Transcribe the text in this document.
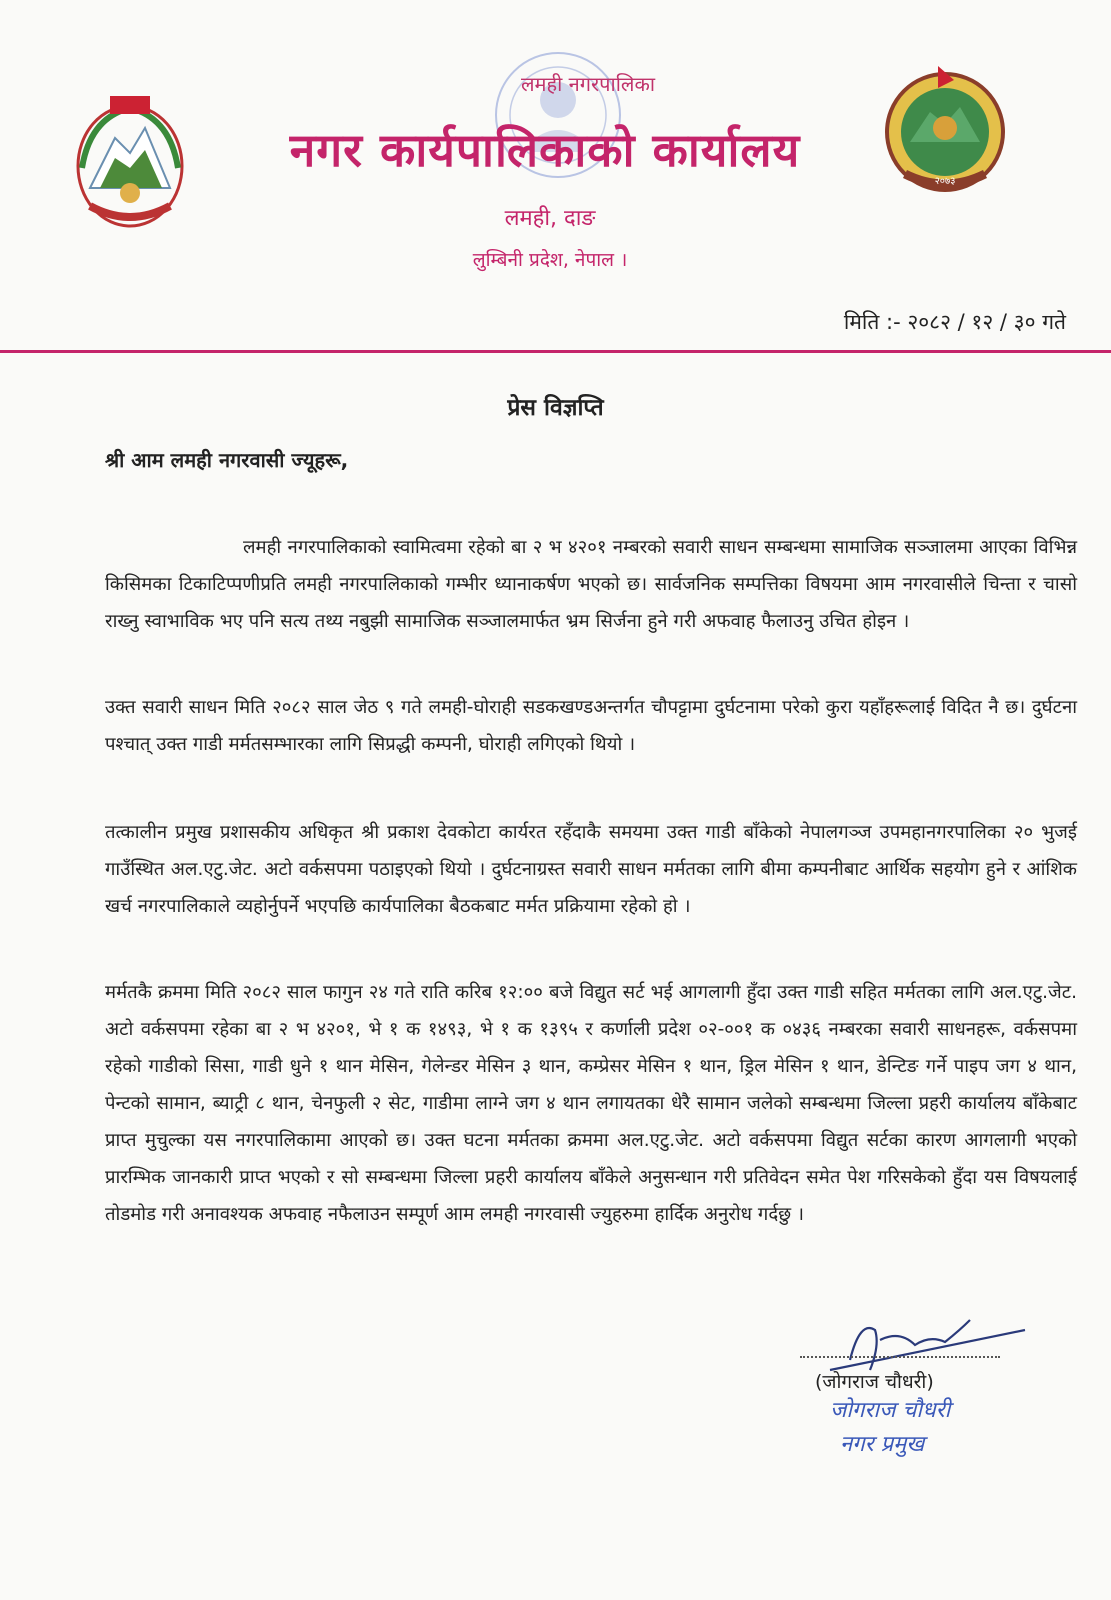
२०७३
लमही नगरपालिका
नगर कार्यपालिकाको कार्यालय
लमही, दाङ
लुम्बिनी प्रदेश, नेपाल ।
मिति :- २०८२ / १२ / ३० गते
प्रेस विज्ञप्ति
श्री आम लमही नगरवासी ज्यूहरू,

लमही नगरपालिकाको स्वामित्वमा रहेको बा २ भ ४२०१ नम्बरको सवारी साधन सम्बन्धमा सामाजिक सञ्जालमा आएका विभिन्न किसिमका टिकाटिप्पणीप्रति लमही नगरपालिकाको गम्भीर ध्यानाकर्षण भएको छ। सार्वजनिक सम्पत्तिका विषयमा आम नगरवासीले चिन्ता र चासो राख्नु स्वाभाविक भए पनि सत्य तथ्य नबुझी सामाजिक सञ्जालमार्फत भ्रम सिर्जना हुने गरी अफवाह फैलाउनु उचित होइन ।

उक्त सवारी साधन मिति २०८२ साल जेठ ९ गते लमही-घोराही सडकखण्डअन्तर्गत चौपट्टामा दुर्घटनामा परेको कुरा यहाँहरूलाई विदित नै छ। दुर्घटना पश्चात् उक्त गाडी मर्मतसम्भारका लागि सिप्रद्धी कम्पनी, घोराही लगिएको थियो ।

तत्कालीन प्रमुख प्रशासकीय अधिकृत श्री प्रकाश देवकोटा कार्यरत रहँदाकै समयमा उक्त गाडी बाँकेको नेपालगञ्ज उपमहानगरपालिका २० भुजई गाउँस्थित अल.एटु.जेट. अटो वर्कसपमा पठाइएको थियो । दुर्घटनाग्रस्त सवारी साधन मर्मतका लागि बीमा कम्पनीबाट आर्थिक सहयोग हुने र आंशिक खर्च नगरपालिकाले व्यहोर्नुपर्ने भएपछि कार्यपालिका बैठकबाट मर्मत प्रक्रियामा रहेको हो ।

मर्मतकै क्रममा मिति २०८२ साल फागुन २४ गते राति करिब १२:०० बजे विद्युत सर्ट भई आगलागी हुँदा उक्त गाडी सहित मर्मतका लागि अल.एटु.जेट. अटो वर्कसपमा रहेका बा २ भ ४२०१, भे १ क १४९३, भे १ क १३९५ र कर्णाली प्रदेश ०२-००१ क ०४३६ नम्बरका सवारी साधनहरू, वर्कसपमा रहेको गाडीको सिसा, गाडी धुने १ थान मेसिन, गेलेन्डर मेसिन ३ थान, कम्प्रेसर मेसिन १ थान, ड्रिल मेसिन १ थान, डेन्टिङ गर्ने पाइप जग ४ थान, पेन्टको सामान, ब्याट्री ८ थान, चेनफुली २ सेट, गाडीमा लाग्ने जग ४ थान लगायतका धेरै सामान जलेको सम्बन्धमा जिल्ला प्रहरी कार्यालय बाँकेबाट प्राप्त मुचुल्का यस नगरपालिकामा आएको छ। उक्त घटना मर्मतका क्रममा अल.एटु.जेट. अटो वर्कसपमा विद्युत सर्टका कारण आगलागी भएको प्रारम्भिक जानकारी प्राप्त भएको र सो सम्बन्धमा जिल्ला प्रहरी कार्यालय बाँकेले अनुसन्धान गरी प्रतिवेदन समेत पेश गरिसकेको हुँदा यस विषयलाई तोडमोड गरी अनावश्यक अफवाह नफैलाउन सम्पूर्ण आम लमही नगरवासी ज्युहरुमा हार्दिक अनुरोध गर्दछु ।

(जोगराज चौधरी)
जोगराज चौधरी
नगर प्रमुख
